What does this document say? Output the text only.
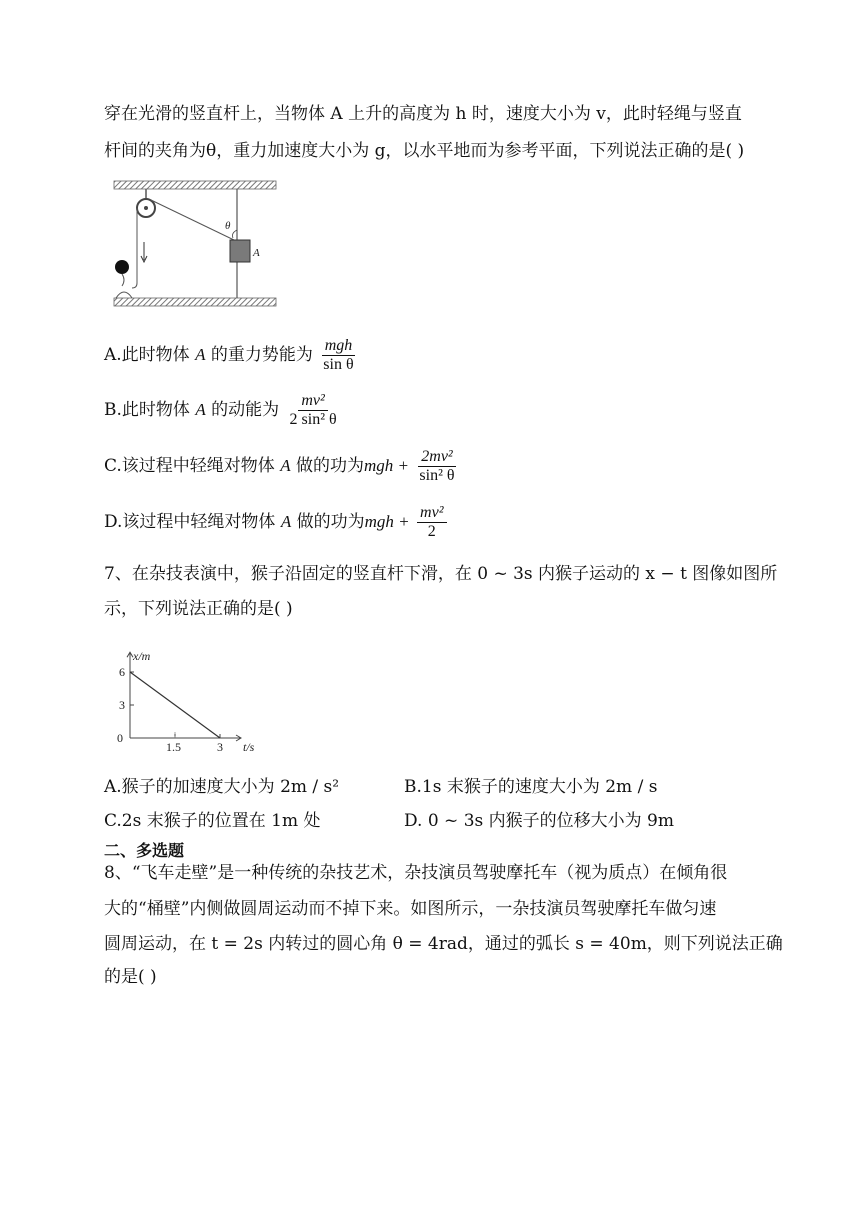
穿在光滑的竖直杆上，当物体 A 上升的高度为 h 时，速度大小为 v，此时轻绳与竖直
杆间的夹角为θ，重力加速度大小为 g，以水平地而为参考平面，下列说法正确的是( )
θ
A
A.此时物体 A 的重力势能为 $\frac{\text{mgh}}{\text{sin θ}}$
B.此时物体 A 的动能为 $\frac{\text{mv²}}{\text{2 sin² θ}}$
C.该过程中轻绳对物体 A 做的功为mgh + $\frac{\text{2mv²}}{\text{sin² θ}}$
D.该过程中轻绳对物体 A 做的功为mgh + $\frac{\text{mv²}}{2}$
7、在杂技表演中，猴子沿固定的竖直杆下滑，在 0 ~ 3s 内猴子运动的 x − t 图像如图所
示，下列说法正确的是( )
3
6
0
1.5	3
x/m
t/s
A.猴子的加速度大小为 2m / s²	B.1s 末猴子的速度大小为 2m / s
C.2s 末猴子的位置在 1m 处	D. 0 ~ 3s 内猴子的位移大小为 9m
二、多选题
8、“飞车走壁”是一种传统的杂技艺术，杂技演员驾驶摩托车（视为质点）在倾角很
大的“桶壁”内侧做圆周运动而不掉下来。如图所示，一杂技演员驾驶摩托车做匀速
圆周运动，在 t = 2s 内转过的圆心角 θ = 4rad，通过的弧长 s = 40m，则下列说法正确
的是( )
